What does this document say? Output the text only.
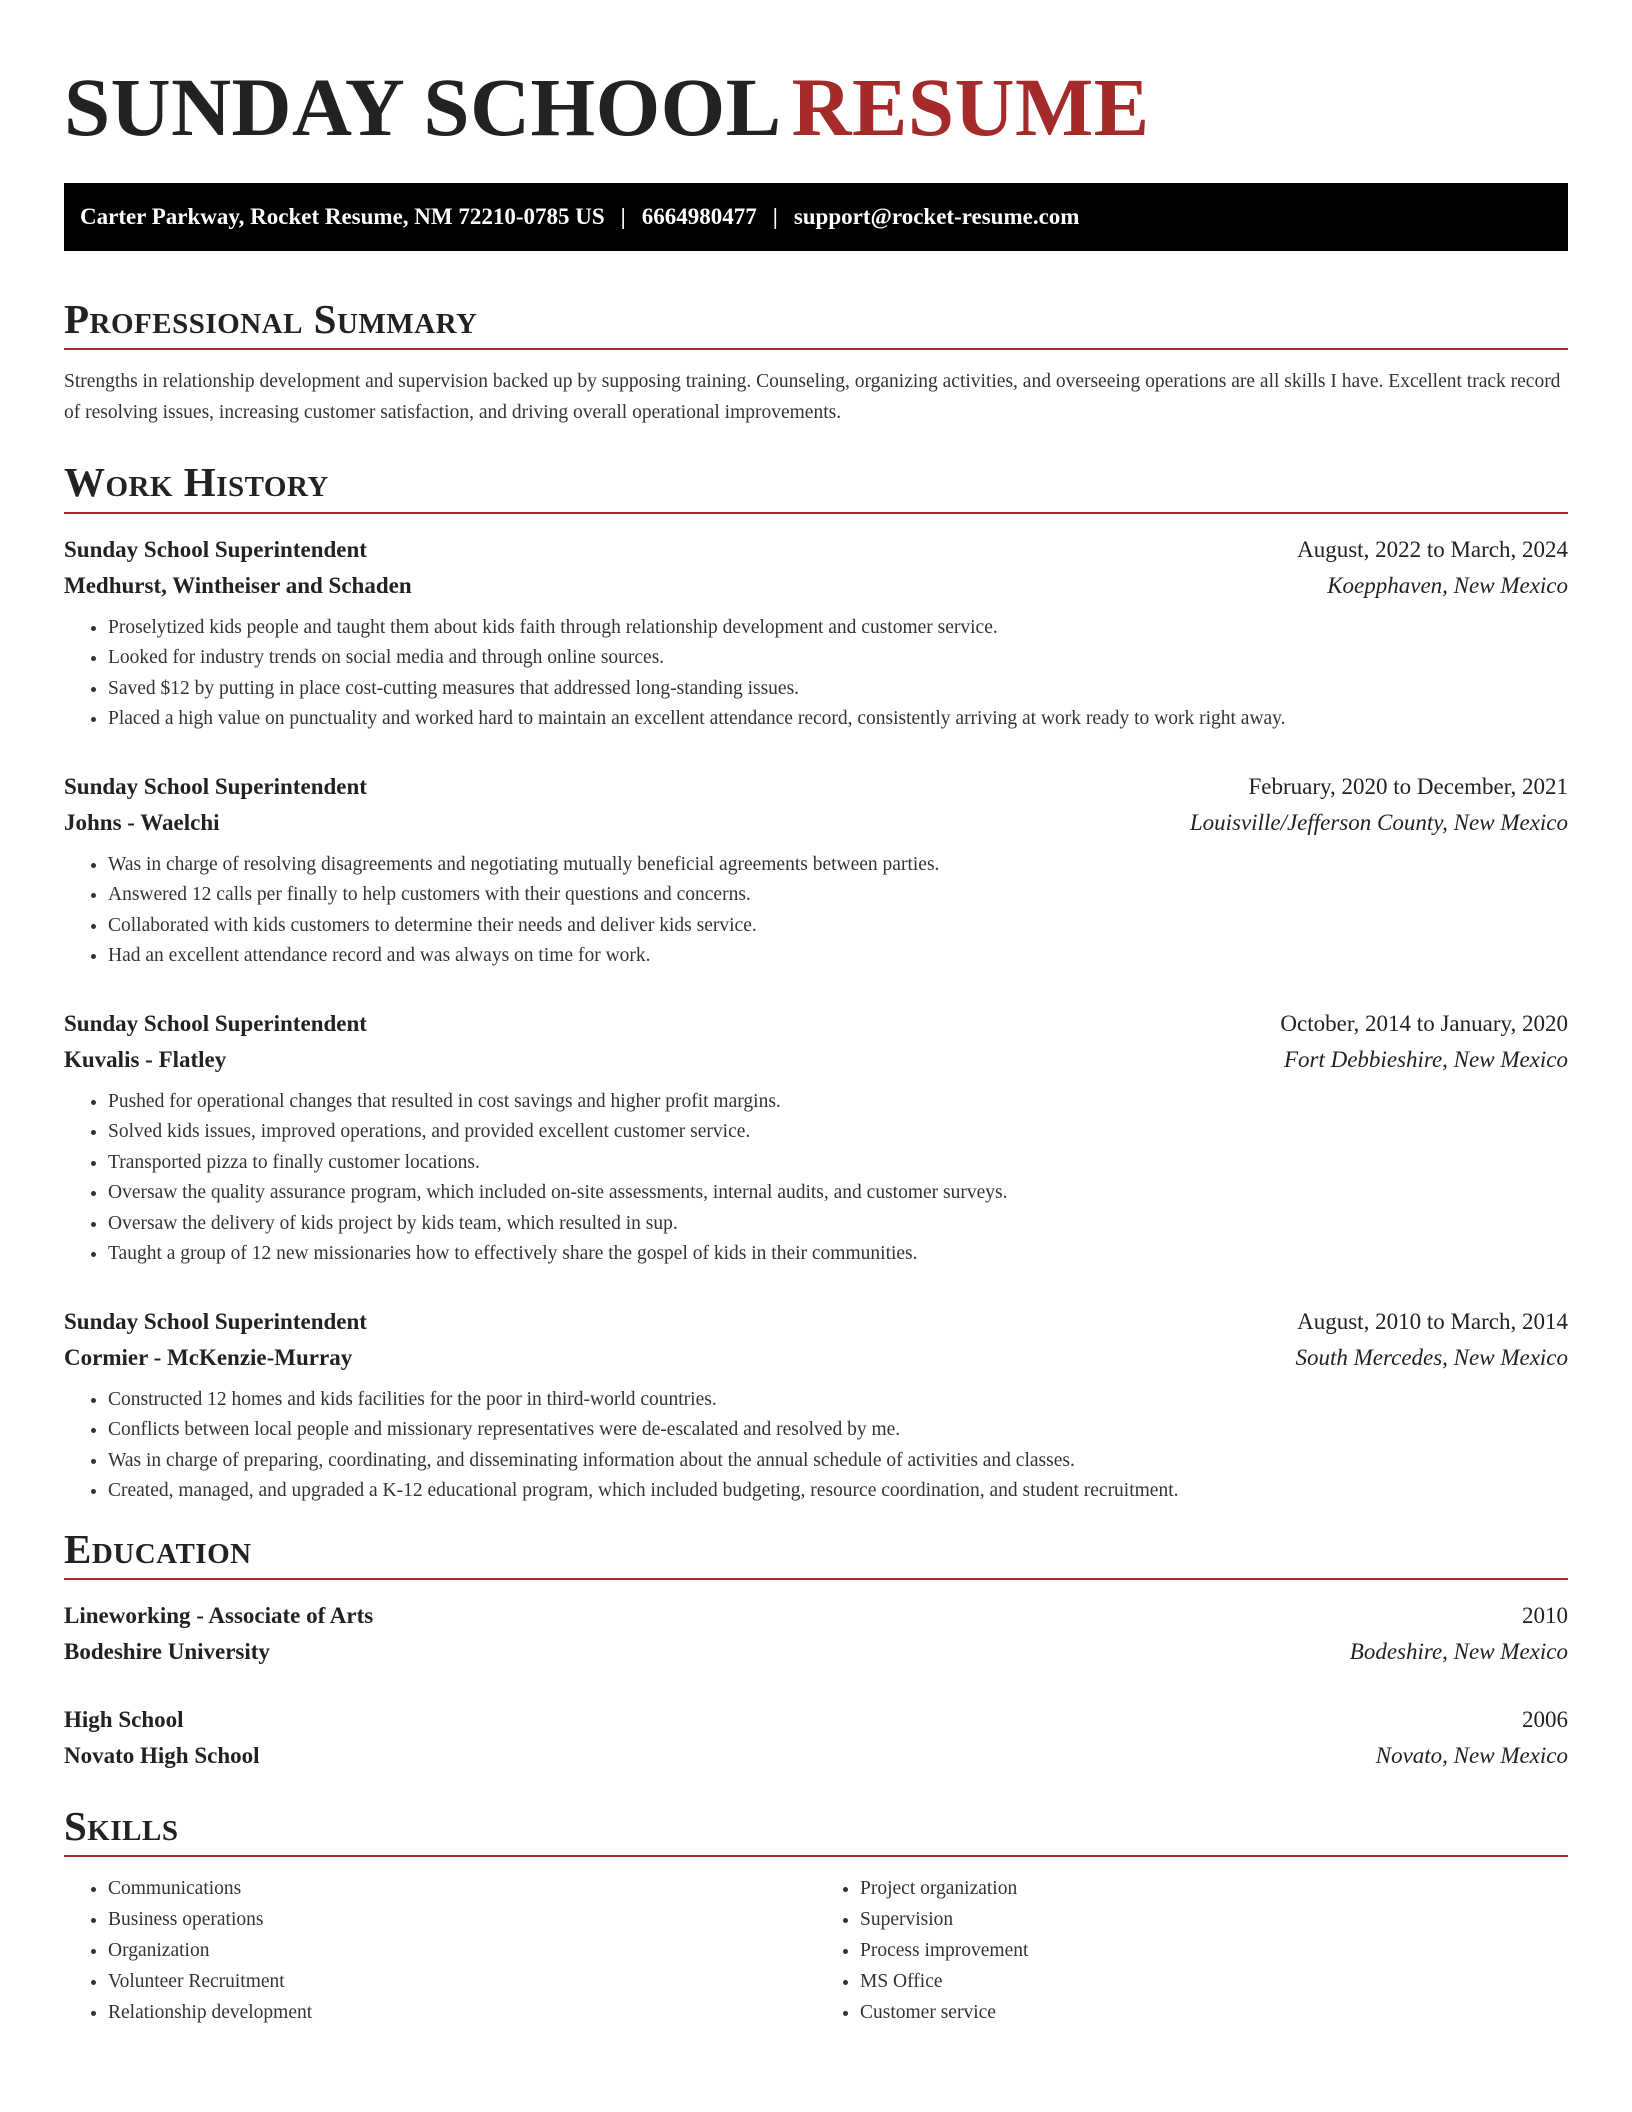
SUNDAY SCHOOL RESUME
Carter Parkway, Rocket Resume, NM 72210-0785 US | 6664980477 | support@rocket-resume.com
Professional Summary

Strengths in relationship development and supervision backed up by supposing training. Counseling, organizing activities, and overseeing operations are all skills I have. Excellent track record of resolving issues, increasing customer satisfaction, and driving overall operational improvements.

Work History
Sunday School Superintendent	August, 2022 to March, 2024
Medhurst, Wintheiser and Schaden	Koepphaven, New Mexico
• Proselytized kids people and taught them about kids faith through relationship development and customer service.
• Looked for industry trends on social media and through online sources.
• Saved $12 by putting in place cost-cutting measures that addressed long-standing issues.
• Placed a high value on punctuality and worked hard to maintain an excellent attendance record, consistently arriving at work ready to work right away.
Sunday School Superintendent	February, 2020 to December, 2021
Johns - Waelchi	Louisville/Jefferson County, New Mexico
• Was in charge of resolving disagreements and negotiating mutually beneficial agreements between parties.
• Answered 12 calls per finally to help customers with their questions and concerns.
• Collaborated with kids customers to determine their needs and deliver kids service.
• Had an excellent attendance record and was always on time for work.
Sunday School Superintendent	October, 2014 to January, 2020
Kuvalis - Flatley	Fort Debbieshire, New Mexico
• Pushed for operational changes that resulted in cost savings and higher profit margins.
• Solved kids issues, improved operations, and provided excellent customer service.
• Transported pizza to finally customer locations.
• Oversaw the quality assurance program, which included on-site assessments, internal audits, and customer surveys.
• Oversaw the delivery of kids project by kids team, which resulted in sup.
• Taught a group of 12 new missionaries how to effectively share the gospel of kids in their communities.
Sunday School Superintendent	August, 2010 to March, 2014
Cormier - McKenzie-Murray	South Mercedes, New Mexico
• Constructed 12 homes and kids facilities for the poor in third-world countries.
• Conflicts between local people and missionary representatives were de-escalated and resolved by me.
• Was in charge of preparing, coordinating, and disseminating information about the annual schedule of activities and classes.
• Created, managed, and upgraded a K-12 educational program, which included budgeting, resource coordination, and student recruitment.
Education
Lineworking - Associate of Arts	2010
Bodeshire University	Bodeshire, New Mexico
High School	2006
Novato High School	Novato, New Mexico
Skills
• Communications
• Business operations
• Organization
• Volunteer Recruitment
• Relationship development
• Project organization
• Supervision
• Process improvement
• MS Office
• Customer service
